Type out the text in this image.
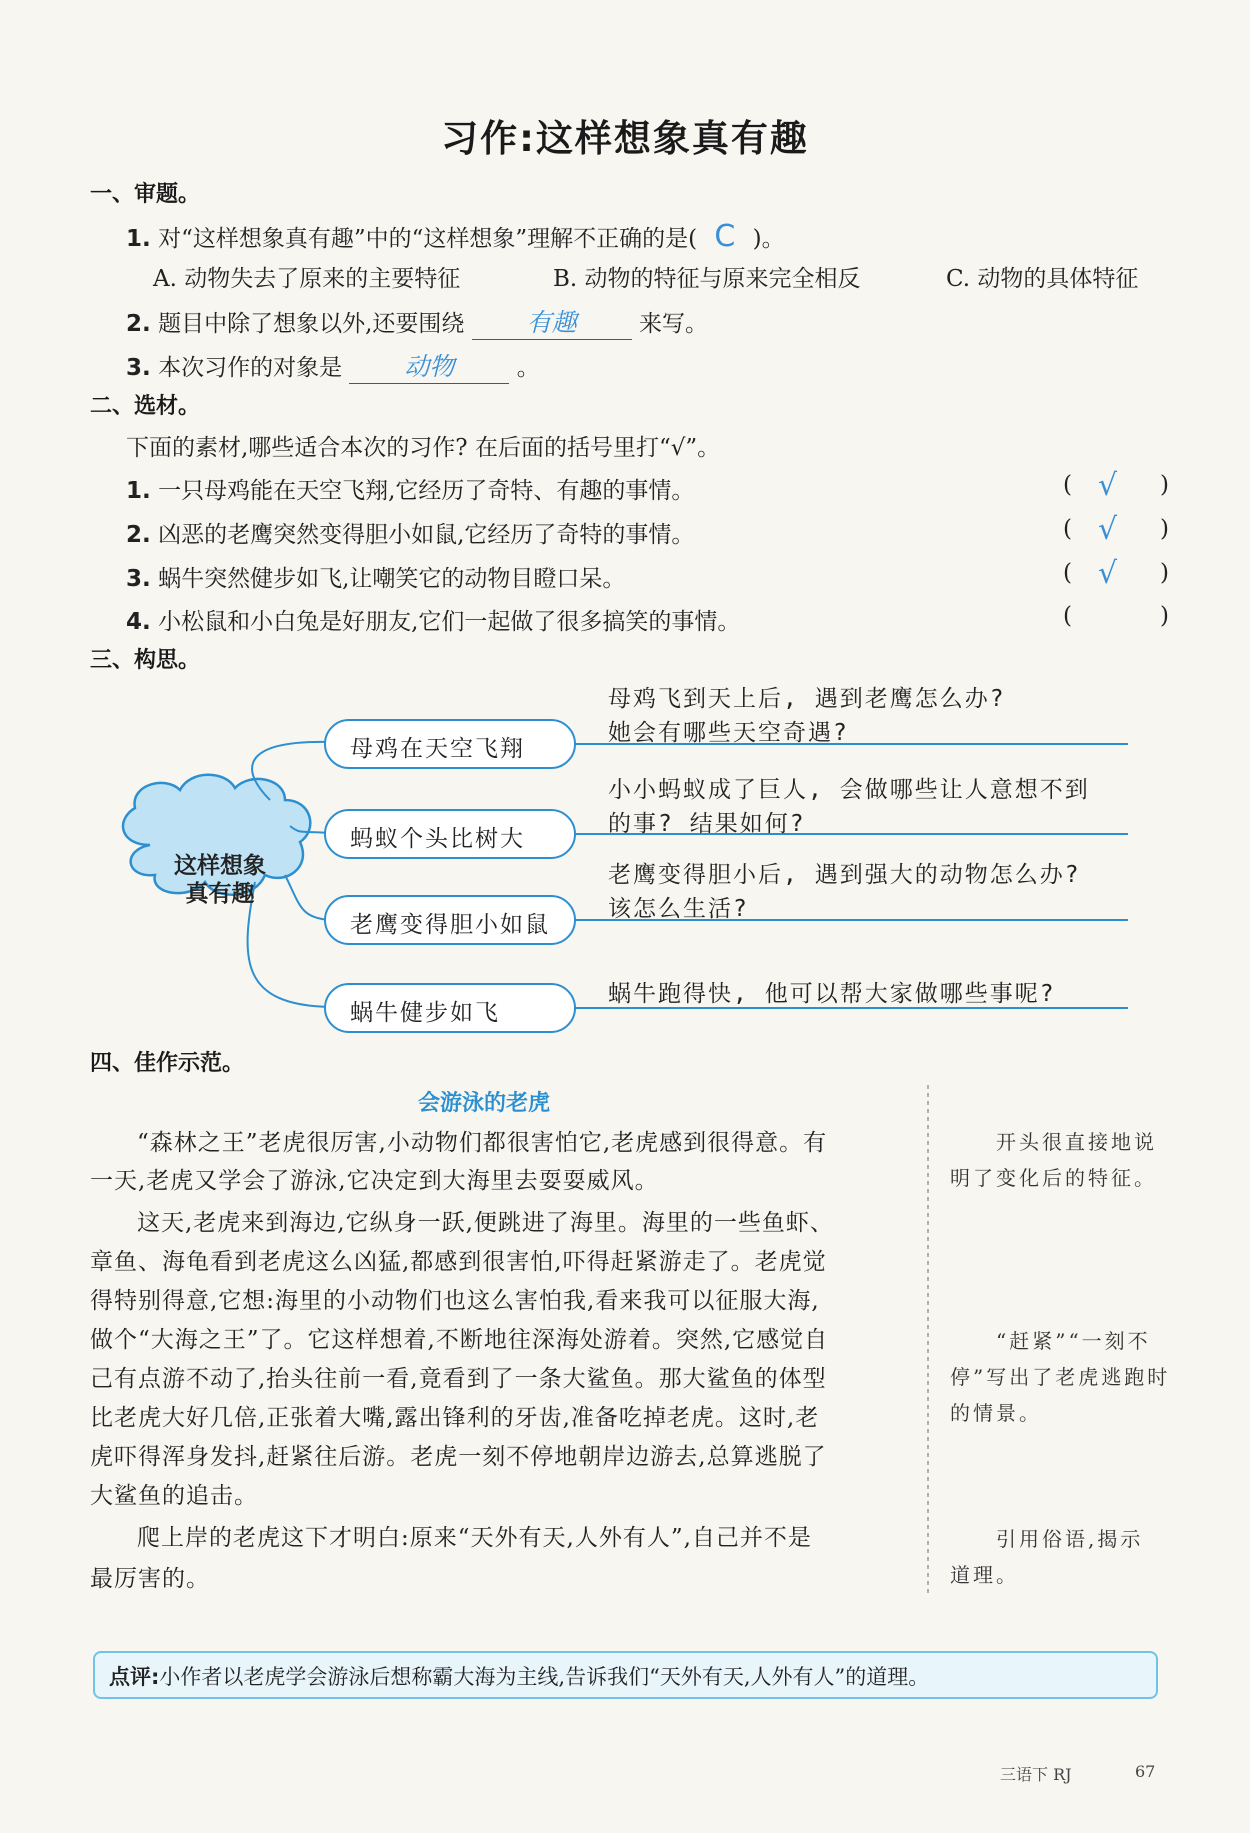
习作:这样想象真有趣
一、审题。
1. 对“这样想象真有趣”中的“这样想象”理解不正确的是( C )。
A. 动物失去了原来的主要特征	B. 动物的特征与原来完全相反	C. 动物的具体特征
2. 题目中除了想象以外,还要围绕 有趣	来写。
3. 本次习作的对象是 动物	。
二、选材。
下面的素材,哪些适合本次的习作? 在后面的括号里打“√”。
1. 一只母鸡能在天空飞翔,它经历了奇特、有趣的事情。	( √ )
2. 凶恶的老鹰突然变得胆小如鼠,它经历了奇特的事情。	( √ )
3. 蜗牛突然健步如飞,让嘲笑它的动物目瞪口呆。	( √ )
4. 小松鼠和小白兔是好朋友,它们一起做了很多搞笑的事情。	(	)
三、构思。
这样想象
真有趣
母鸡在天空飞翔
蚂蚁个头比树大
老鹰变得胆小如鼠
蜗牛健步如飞
母鸡飞到天上后, 遇到老鹰怎么办?
她会有哪些天空奇遇?
小小蚂蚁成了巨人, 会做哪些让人意想不到
的事? 结果如何?
老鹰变得胆小后, 遇到强大的动物怎么办?
该怎么生活?
蜗牛跑得快, 他可以帮大家做哪些事呢?
四、佳作示范。
会游泳的老虎
“森林之王”老虎很厉害,小动物们都很害怕它,老虎感到很得意。有
一天,老虎又学会了游泳,它决定到大海里去耍耍威风。
这天,老虎来到海边,它纵身一跃,便跳进了海里。海里的一些鱼虾、
章鱼、海龟看到老虎这么凶猛,都感到很害怕,吓得赶紧游走了。老虎觉
得特别得意,它想:海里的小动物们也这么害怕我,看来我可以征服大海,
做个“大海之王”了。它这样想着,不断地往深海处游着。突然,它感觉自
己有点游不动了,抬头往前一看,竟看到了一条大鲨鱼。那大鲨鱼的体型
比老虎大好几倍,正张着大嘴,露出锋利的牙齿,准备吃掉老虎。这时,老
虎吓得浑身发抖,赶紧往后游。老虎一刻不停地朝岸边游去,总算逃脱了
大鲨鱼的追击。
爬上岸的老虎这下才明白:原来“天外有天,人外有人”,自己并不是
最厉害的。
开头很直接地说
明了变化后的特征。
“赶紧”“一刻不
停”写出了老虎逃跑时
的情景。
引用俗语,揭示
道理。
点评:小作者以老虎学会游泳后想称霸大海为主线,告诉我们“天外有天,人外有人”的道理。
三语下 RJ	67
